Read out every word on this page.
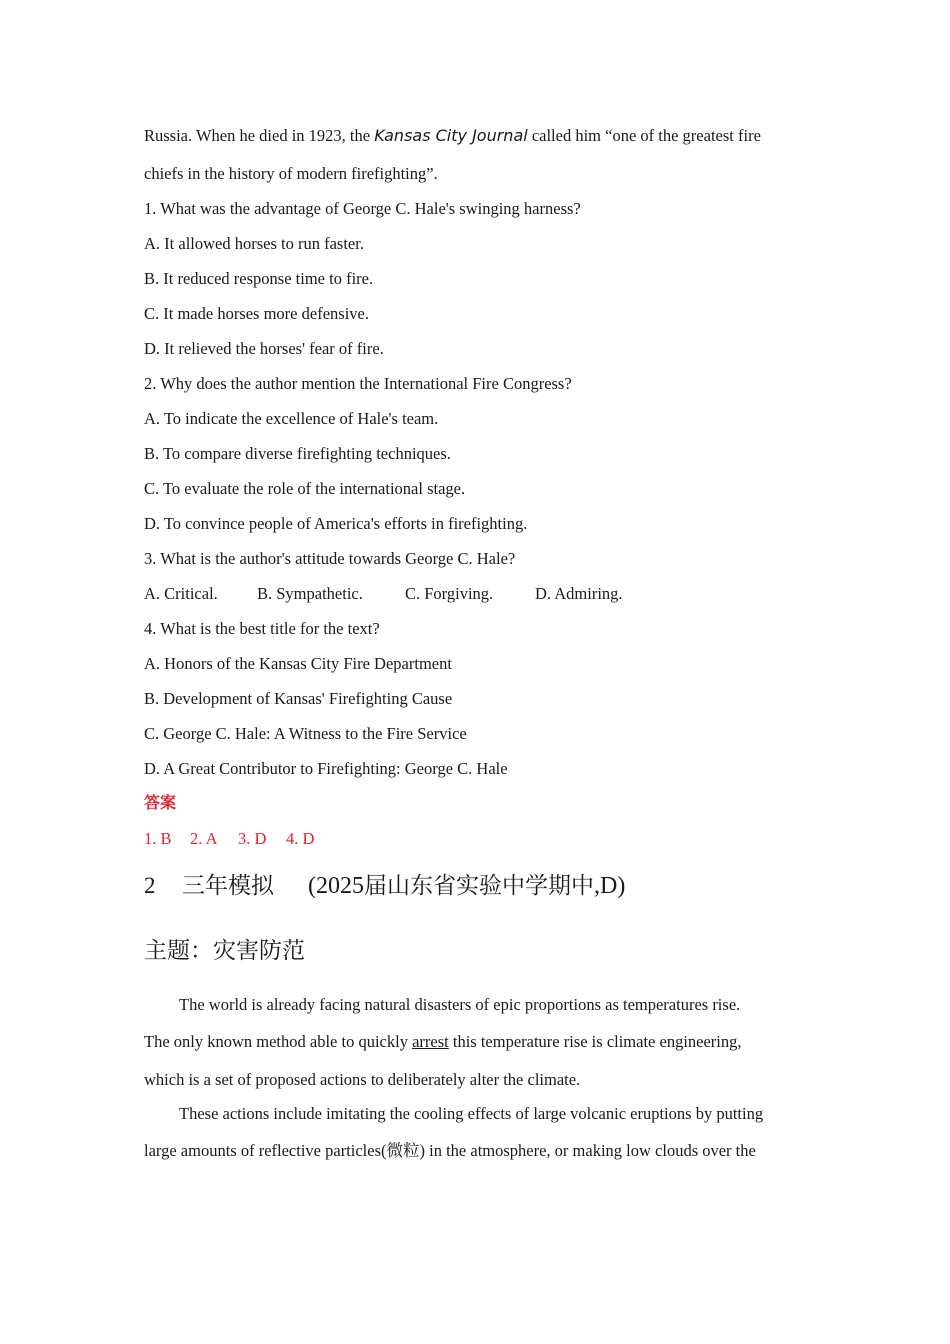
Russia. When he died in 1923, the Kansas City Journal called him “one of the greatest fire
chiefs in the history of modern firefighting”.
1. What was the advantage of George C. Hale's swinging harness?
A. It allowed horses to run faster.
B. It reduced response time to fire.
C. It made horses more defensive.
D. It relieved the horses' fear of fire.
2. Why does the author mention the International Fire Congress?
A. To indicate the excellence of Hale's team.
B. To compare diverse firefighting techniques.
C. To evaluate the role of the international stage.
D. To convince people of America's efforts in firefighting.
3. What is the author's attitude towards George C. Hale?
A. Critical. B. Sympathetic.	C. Forgiving.	D. Admiring.
4. What is the best title for the text?
A. Honors of the Kansas City Fire Department
B. Development of Kansas' Firefighting Cause
C. George C. Hale: A Witness to the Fire Service
D. A Great Contributor to Firefighting: George C. Hale
答案
1. B 2. A 3. D 4. D
2 三年模拟 (2025届山东省实验中学期中,D)
主题：灾害防范
The world is already facing natural disasters of epic proportions as temperatures rise.
The only known method able to quickly arrest this temperature rise is climate engineering,
which is a set of proposed actions to deliberately alter the climate.
These actions include imitating the cooling effects of large volcanic eruptions by putting
large amounts of reflective particles(微粒) in the atmosphere, or making low clouds over the
